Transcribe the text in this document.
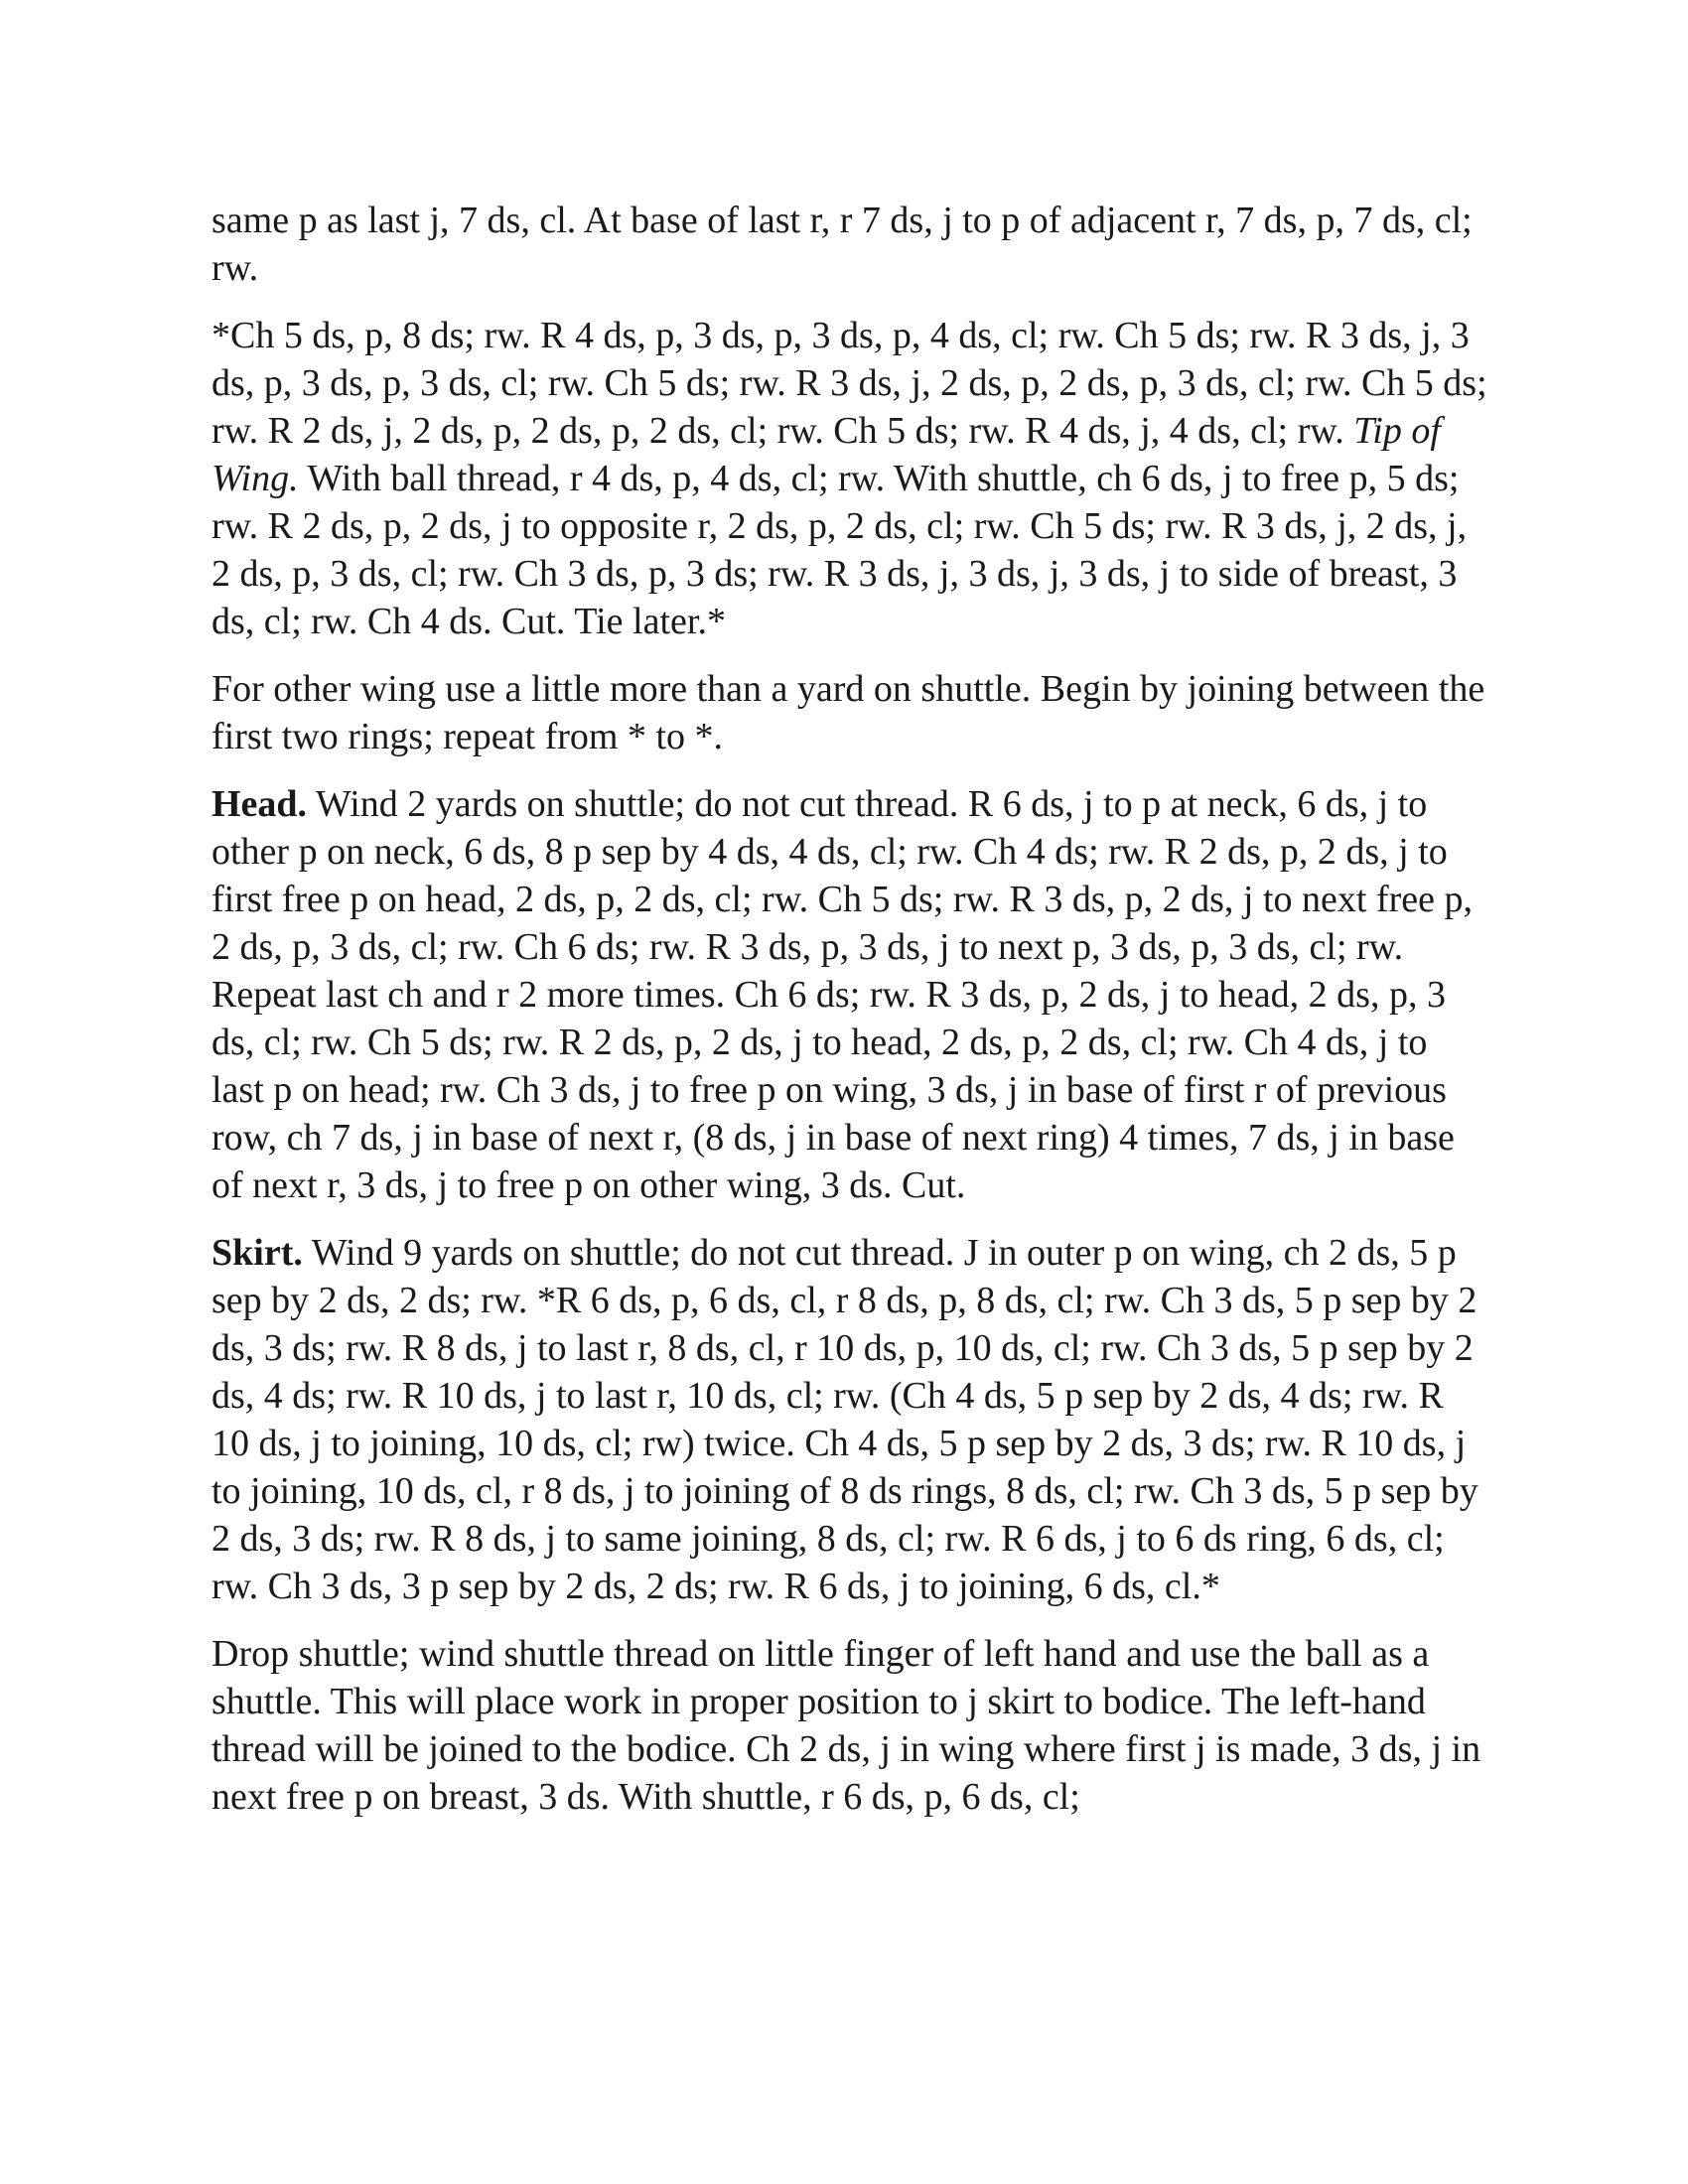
same p as last j, 7 ds, cl. At base of last r, r 7 ds, j to p of adjacent r, 7 ds, p, 7 ds, cl; rw.

*Ch 5 ds, p, 8 ds; rw. R 4 ds, p, 3 ds, p, 3 ds, p, 4 ds, cl; rw. Ch 5 ds; rw. R 3 ds, j, 3 ds, p, 3 ds, p, 3 ds, cl; rw. Ch 5 ds; rw. R 3 ds, j, 2 ds, p, 2 ds, p, 3 ds, cl; rw. Ch 5 ds; rw. R 2 ds, j, 2 ds, p, 2 ds, p, 2 ds, cl; rw. Ch 5 ds; rw. R 4 ds, j, 4 ds, cl; rw. Tip of Wing. With ball thread, r 4 ds, p, 4 ds, cl; rw. With shuttle, ch 6 ds, j to free p, 5 ds; rw. R 2 ds, p, 2 ds, j to opposite r, 2 ds, p, 2 ds, cl; rw. Ch 5 ds; rw. R 3 ds, j, 2 ds, j, 2 ds, p, 3 ds, cl; rw. Ch 3 ds, p, 3 ds; rw. R 3 ds, j, 3 ds, j, 3 ds, j to side of breast, 3 ds, cl; rw. Ch 4 ds. Cut. Tie later.*

For other wing use a little more than a yard on shuttle. Begin by joining between the first two rings; repeat from * to *.

Head. Wind 2 yards on shuttle; do not cut thread. R 6 ds, j to p at neck, 6 ds, j to other p on neck, 6 ds, 8 p sep by 4 ds, 4 ds, cl; rw. Ch 4 ds; rw. R 2 ds, p, 2 ds, j to first free p on head, 2 ds, p, 2 ds, cl; rw. Ch 5 ds; rw. R 3 ds, p, 2 ds, j to next free p, 2 ds, p, 3 ds, cl; rw. Ch 6 ds; rw. R 3 ds, p, 3 ds, j to next p, 3 ds, p, 3 ds, cl; rw. Repeat last ch and r 2 more times. Ch 6 ds; rw. R 3 ds, p, 2 ds, j to head, 2 ds, p, 3 ds, cl; rw. Ch 5 ds; rw. R 2 ds, p, 2 ds, j to head, 2 ds, p, 2 ds, cl; rw. Ch 4 ds, j to last p on head; rw. Ch 3 ds, j to free p on wing, 3 ds, j in base of first r of previous row, ch 7 ds, j in base of next r, (8 ds, j in base of next ring) 4 times, 7 ds, j in base of next r, 3 ds, j to free p on other wing, 3 ds. Cut.

Skirt. Wind 9 yards on shuttle; do not cut thread. J in outer p on wing, ch 2 ds, 5 p sep by 2 ds, 2 ds; rw. *R 6 ds, p, 6 ds, cl, r 8 ds, p, 8 ds, cl; rw. Ch 3 ds, 5 p sep by 2 ds, 3 ds; rw. R 8 ds, j to last r, 8 ds, cl, r 10 ds, p, 10 ds, cl; rw. Ch 3 ds, 5 p sep by 2 ds, 4 ds; rw. R 10 ds, j to last r, 10 ds, cl; rw. (Ch 4 ds, 5 p sep by 2 ds, 4 ds; rw. R 10 ds, j to joining, 10 ds, cl; rw) twice. Ch 4 ds, 5 p sep by 2 ds, 3 ds; rw. R 10 ds, j to joining, 10 ds, cl, r 8 ds, j to joining of 8 ds rings, 8 ds, cl; rw. Ch 3 ds, 5 p sep by 2 ds, 3 ds; rw. R 8 ds, j to same joining, 8 ds, cl; rw. R 6 ds, j to 6 ds ring, 6 ds, cl; rw. Ch 3 ds, 3 p sep by 2 ds, 2 ds; rw. R 6 ds, j to joining, 6 ds, cl.*

Drop shuttle; wind shuttle thread on little finger of left hand and use the ball as a shuttle. This will place work in proper position to j skirt to bodice. The left-hand thread will be joined to the bodice. Ch 2 ds, j in wing where first j is made, 3 ds, j in next free p on breast, 3 ds. With shuttle, r 6 ds, p, 6 ds, cl;
